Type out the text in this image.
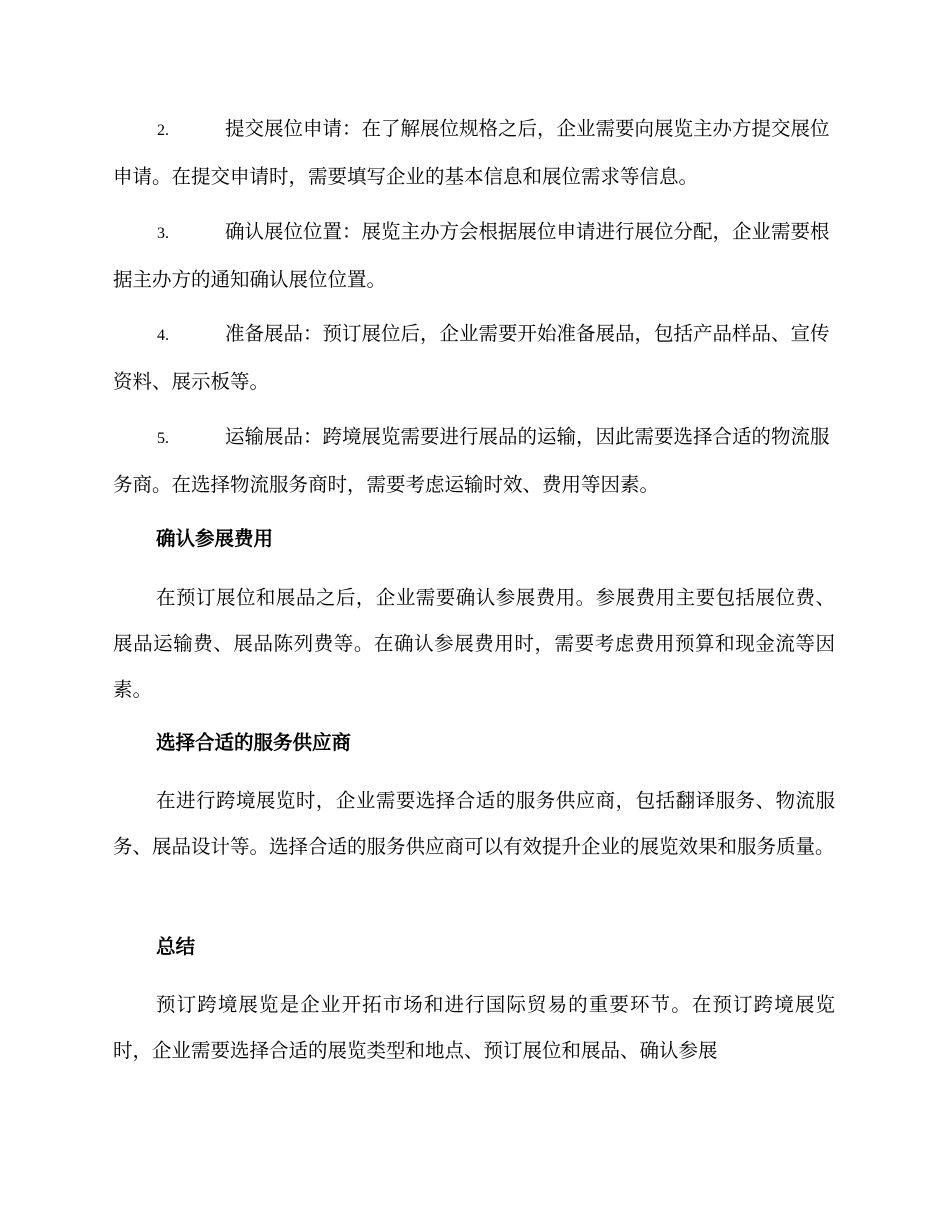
2.	提交展位申请：在了解展位规格之后，企业需要向展览主办方提交展位申请。在提交申请时，需要填写企业的基本信息和展位需求等信息。

3.	确认展位位置：展览主办方会根据展位申请进行展位分配，企业需要根据主办方的通知确认展位位置。

4.	准备展品：预订展位后，企业需要开始准备展品，包括产品样品、宣传资料、展示板等。

5.	运输展品：跨境展览需要进行展品的运输，因此需要选择合适的物流服务商。在选择物流服务商时，需要考虑运输时效、费用等因素。

确认参展费用

在预订展位和展品之后，企业需要确认参展费用。参展费用主要包括展位费、展品运输费、展品陈列费等。在确认参展费用时，需要考虑费用预算和现金流等因素。

选择合适的服务供应商

在进行跨境展览时，企业需要选择合适的服务供应商，包括翻译服务、物流服务、展品设计等。选择合适的服务供应商可以有效提升企业的展览效果和服务质量。

总结

预订跨境展览是企业开拓市场和进行国际贸易的重要环节。在预订跨境展览时，企业需要选择合适的展览类型和地点、预订展位和展品、确认参展
